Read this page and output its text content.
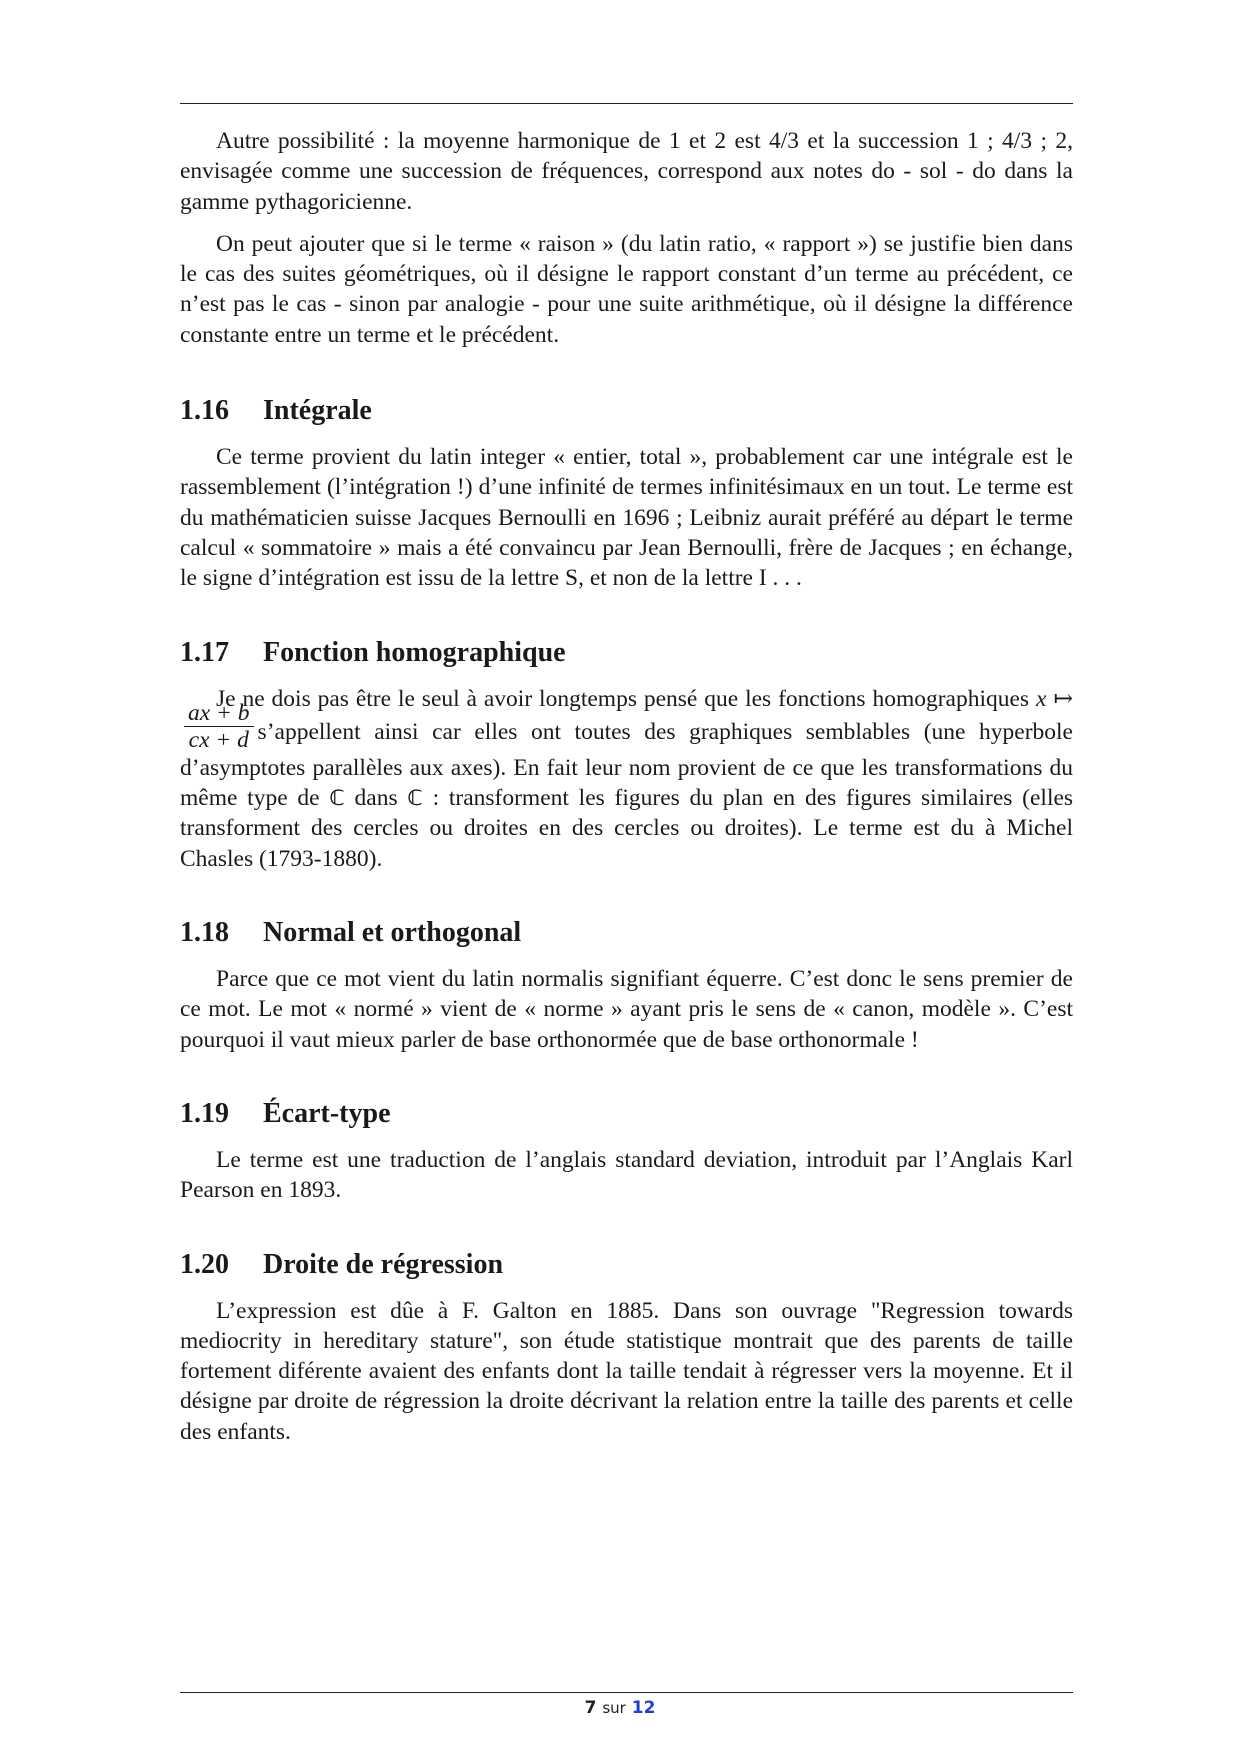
Autre possibilité : la moyenne harmonique de 1 et 2 est 4/3 et la succession 1 ; 4/3 ; 2, envisagée comme une succession de fréquences, correspond aux notes do - sol - do dans la gamme pythagoricienne.

On peut ajouter que si le terme « raison » (du latin ratio, « rapport ») se justifie bien dans le cas des suites géométriques, où il désigne le rapport constant d’un terme au précédent, ce n’est pas le cas - sinon par analogie - pour une suite arithmétique, où il désigne la différence constante entre un terme et le précédent.

1.16 Intégrale

Ce terme provient du latin integer « entier, total », probablement car une intégrale est le rassemblement (l’intégration !) d’une infinité de termes infinitésimaux en un tout. Le terme est du mathématicien suisse Jacques Bernoulli en 1696 ; Leibniz aurait préféré au départ le terme calcul « sommatoire » mais a été convaincu par Jean Bernoulli, frère de Jacques ; en échange, le signe d’intégration est issu de la lettre S, et non de la lettre I . . .

1.17 Fonction homographique

Je ne dois pas être le seul à avoir longtemps pensé que les fonctions homographiques x ↦
$\frac{ax + b}{cx + d}$ s’appellent ainsi car elles ont toutes des graphiques semblables (une hyperbole d’asymptotes parallèles aux axes). En fait leur nom provient de ce que les transformations du même type de ℂ dans ℂ : transforment les figures du plan en des figures similaires (elles transforment des cercles ou droites en des cercles ou droites). Le terme est du à Michel Chasles (1793-1880).

1.18 Normal et orthogonal

Parce que ce mot vient du latin normalis signifiant équerre. C’est donc le sens premier de ce mot. Le mot « normé » vient de « norme » ayant pris le sens de « canon, modèle ». C’est pourquoi il vaut mieux parler de base orthonormée que de base orthonormale !

1.19 Écart-type

Le terme est une traduction de l’anglais standard deviation, introduit par l’Anglais Karl Pearson en 1893.

1.20 Droite de régression

L’expression est dûe à F. Galton en 1885. Dans son ouvrage "Regression towards mediocrity in hereditary stature", son étude statistique montrait que des parents de taille fortement diférente avaient des enfants dont la taille tendait à régresser vers la moyenne. Et il désigne par droite de régression la droite décrivant la relation entre la taille des parents et celle des enfants.

7 sur 12
